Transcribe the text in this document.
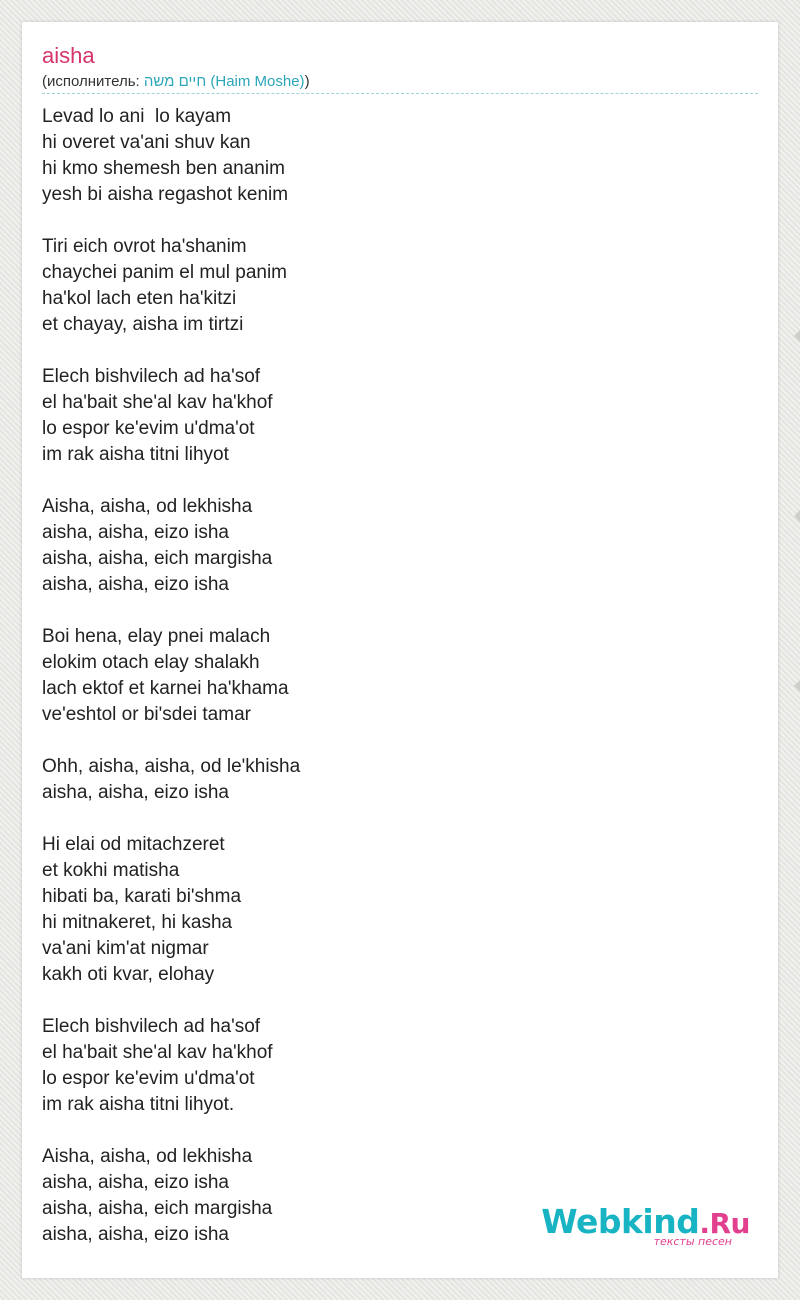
aisha
(исполнитель: חיים משה (Haim Moshe))
Levad lo ani  lo kayam
hi overet va'ani shuv kan
hi kmo shemesh ben ananim
yesh bi aisha regashot kenim
Tiri eich ovrot ha'shanim
chaychei panim el mul panim
ha'kol lach eten ha'kitzi
et chayay, aisha im tirtzi
Elech bishvilech ad ha'sof
el ha'bait she'al kav ha'khof
lo espor ke'evim u'dma'ot
im rak aisha titni lihyot
Aisha, aisha, od lekhisha
aisha, aisha, eizo isha
aisha, aisha, eich margisha
aisha, aisha, eizo isha
Boi hena, elay pnei malach
elokim otach elay shalakh
lach ektof et karnei ha'khama
ve'eshtol or bi'sdei tamar
Ohh, aisha, aisha, od le'khisha
aisha, aisha, eizo isha
Hi elai od mitachzeret
et kokhi matisha
hibati ba, karati bi'shma
hi mitnakeret, hi kasha
va'ani kim'at nigmar
kakh oti kvar, elohay
Elech bishvilech ad ha'sof
el ha'bait she'al kav ha'khof
lo espor ke'evim u'dma'ot
im rak aisha titni lihyot.
Aisha, aisha, od lekhisha
aisha, aisha, eizo isha
aisha, aisha, eich margisha
aisha, aisha, eizo isha	Webkind.Ru
тексты песен
